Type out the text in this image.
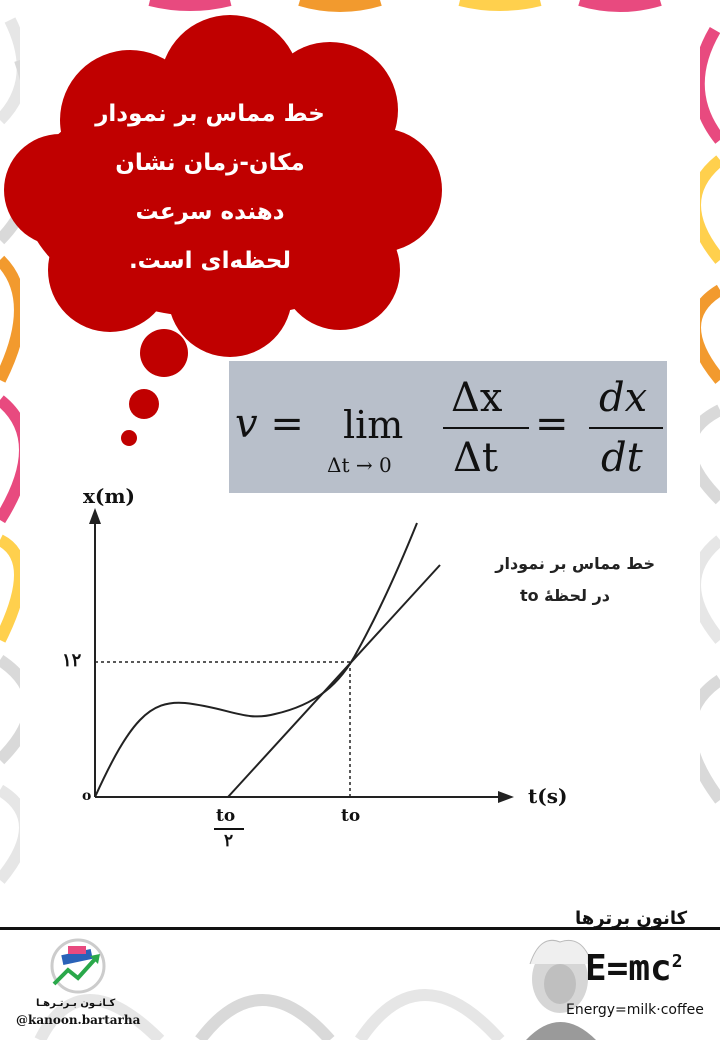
خط مماس بر نمودار
مکان-زمان نشان
دهنده سرعت
لحظه‌ای است.
v = lim
Δt → 0
Δx
Δt
=
dx
dt
x(m)
t(s)
o
۱۲
to
to
۲
خط مماس بر نمودار
در لحظهٔ to
کـانـون بـرتـرهـا
@kanoon.bartarha
کانون برترها
$E=mc^2$
Energy=milk·coffee
